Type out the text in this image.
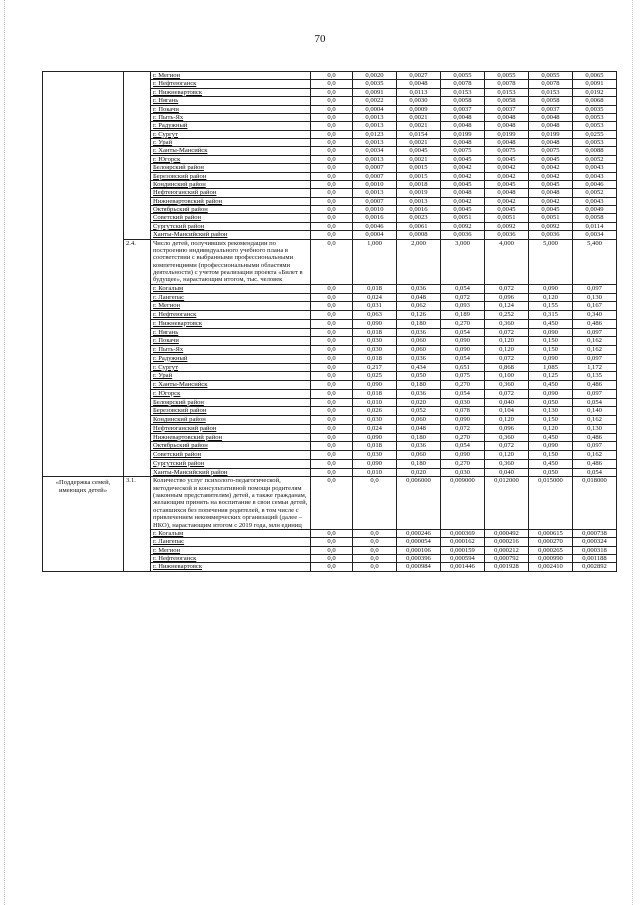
70
		г. Мегион	0,0	0,0020	0,0027	0,0055	0,0055	0,0055	0,0065
		г. Нефтеюганск	0,0	0,0035	0,0048	0,0078	0,0078	0,0078	0,0091
		г. Нижневартовск	0,0	0,0091	0,0113	0,0153	0,0153	0,0153	0,0192
		г. Нягань	0,0	0,0022	0,0030	0,0058	0,0058	0,0058	0,0068
		г. Покачи	0,0	0,0004	0,0009	0,0037	0,0037	0,0037	0,0035
		г. Пыть-Ях	0,0	0,0013	0,0021	0,0048	0,0048	0,0048	0,0053
		г. Радужный	0,0	0,0013	0,0021	0,0048	0,0048	0,0048	0,0053
		г. Сургут	0,0	0,0123	0,0154	0,0199	0,0199	0,0199	0,0255
		г. Урай	0,0	0,0013	0,0021	0,0048	0,0048	0,0048	0,0053
		г. Ханты-Мансийск	0,0	0,0034	0,0045	0,0075	0,0075	0,0075	0,0088
		г. Югорск	0,0	0,0013	0,0021	0,0045	0,0045	0,0045	0,0052
		Белоярский район	0,0	0,0007	0,0015	0,0042	0,0042	0,0042	0,0043
		Березовский район	0,0	0,0007	0,0015	0,0042	0,0042	0,0042	0,0043
		Кондинский район	0,0	0,0010	0,0018	0,0045	0,0045	0,0045	0,0046
		Нефтеюганский район	0,0	0,0013	0,0019	0,0048	0,0048	0,0048	0,0052
		Нижневартовский район	0,0	0,0007	0,0013	0,0042	0,0042	0,0042	0,0043
		Октябрьский район	0,0	0,0010	0,0016	0,0045	0,0045	0,0045	0,0049
		Советский район	0,0	0,0016	0,0023	0,0051	0,0051	0,0051	0,0058
		Сургутский район	0,0	0,0046	0,0061	0,0092	0,0092	0,0092	0,0114
		Ханты-Мансийский район	0,0	0,0004	0,0008	0,0036	0,0036	0,0036	0,0034
	2.4.	Число детей, получивших рекомендации по построению индивидуального учебного плана в соответствии с выбранными профессиональными компетенциями (профессиональными областями деятельности) с учетом реализации проекта «Билет в будущее», нарастающим итогом, тыс. человек	0,0	1,000	2,000	3,000	4,000	5,000	5,400
		г. Когалым	0,0	0,018	0,036	0,054	0,072	0,090	0,097
		г. Лангепас	0,0	0,024	0,048	0,072	0,096	0,120	0,130
		г. Мегион	0,0	0,031	0,062	0,093	0,124	0,155	0,167
		г. Нефтеюганск	0,0	0,063	0,126	0,189	0,252	0,315	0,340
		г. Нижневартовск	0,0	0,090	0,180	0,270	0,360	0,450	0,486
		г. Нягань	0,0	0,018	0,036	0,054	0,072	0,090	0,097
		г. Покачи	0,0	0,030	0,060	0,090	0,120	0,150	0,162
		г. Пыть-Ях	0,0	0,030	0,060	0,090	0,120	0,150	0,162
		г. Радужный	0,0	0,018	0,036	0,054	0,072	0,090	0,097
		г. Сургут	0,0	0,217	0,434	0,651	0,868	1,085	1,172
		г. Урай	0,0	0,025	0,050	0,075	0,100	0,125	0,135
		г. Ханты-Мансийск	0,0	0,090	0,180	0,270	0,360	0,450	0,486
		г. Югорск	0,0	0,018	0,036	0,054	0,072	0,090	0,097
		Белоярский район	0,0	0,010	0,020	0,030	0,040	0,050	0,054
		Березовский район	0,0	0,026	0,052	0,078	0,104	0,130	0,140
		Кондинский район	0,0	0,030	0,060	0,090	0,120	0,150	0,162
		Нефтеюганский район	0,0	0,024	0,048	0,072	0,096	0,120	0,130
		Нижневартовский район	0,0	0,090	0,180	0,270	0,360	0,450	0,486
		Октябрьский район	0,0	0,018	0,036	0,054	0,072	0,090	0,097
		Советский район	0,0	0,030	0,060	0,090	0,120	0,150	0,162
		Сургутский район	0,0	0,090	0,180	0,270	0,360	0,450	0,486
		Ханты-Мансийский район	0,0	0,010	0,020	0,030	0,040	0,050	0,054
«Поддержка семей, имеющих детей»	3.1.	Количество услуг психолого-педагогической, методической и консультативной помощи родителям (законным представителям) детей, а также гражданам, желающим принять на воспитание в свои семьи детей, оставшихся без попечения родителей, в том числе с привлечением некоммерческих организаций (далее – НКО), нарастающим итогом с 2019 года, млн единиц	0,0	0,0	0,006000	0,009000	0,012000	0,015000	0,018000
		г. Когалым	0,0	0,0	0,000246	0,000369	0,000492	0,000615	0,000738
		г. Лангепас	0,0	0,0	0,000054	0,000162	0,000216	0,000270	0,000324
		г. Мегион	0,0	0,0	0,000106	0,000159	0,000212	0,000265	0,000318
		г. Нефтеюганск	0,0	0,0	0,000396	0,000594	0,000792	0,000990	0,001188
		г. Нижневартовск	0,0	0,0	0,000984	0,001446	0,001928	0,002410	0,002892
